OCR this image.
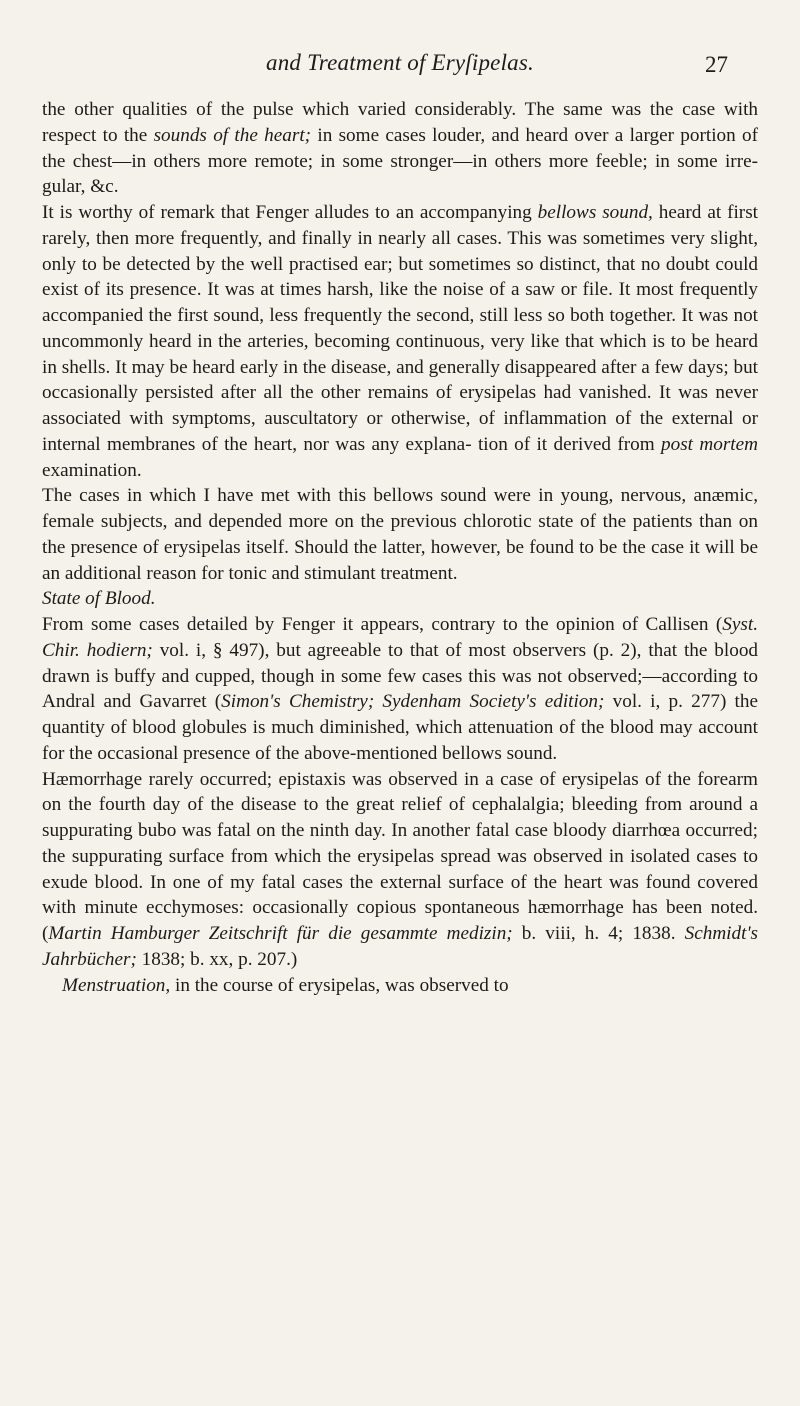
and Treatment of Eryſipelas.	27

the other qualities of the pulse which varied considerably. The same was the case with respect to the sounds of the heart; in some cases louder, and heard over a larger portion of the chest—in others more remote; in some stronger—in others more feeble; in some irre- gular, &c.

It is worthy of remark that Fenger alludes to an accompanying bellows sound, heard at first rarely, then more frequently, and finally in nearly all cases. This was sometimes very slight, only to be detected by the well practised ear; but sometimes so distinct, that no doubt could exist of its presence. It was at times harsh, like the noise of a saw or file. It most frequently accompanied the first sound, less frequently the second, still less so both together. It was not uncommonly heard in the arteries, becoming continuous, very like that which is to be heard in shells. It may be heard early in the disease, and generally disappeared after a few days; but occasionally persisted after all the other remains of erysipelas had vanished. It was never associated with symptoms, auscultatory or otherwise, of inflammation of the external or internal membranes of the heart, nor was any explana- tion of it derived from post mortem examination.

The cases in which I have met with this bellows sound were in young, nervous, anæmic, female subjects, and depended more on the previous chlorotic state of the patients than on the presence of erysipelas itself. Should the latter, however, be found to be the case it will be an additional reason for tonic and stimulant treatment.

State of Blood.

From some cases detailed by Fenger it appears, contrary to the opinion of Callisen (Syst. Chir. hodiern; vol. i, § 497), but agreeable to that of most observers (p. 2), that the blood drawn is buffy and cupped, though in some few cases this was not observed;—according to Andral and Gavarret (Simon's Chemistry; Sydenham Society's edition; vol. i, p. 277) the quantity of blood globules is much diminished, which attenuation of the blood may account for the occasional presence of the above-mentioned bellows sound.

Hæmorrhage rarely occurred; epistaxis was observed in a case of erysipelas of the forearm on the fourth day of the disease to the great relief of cephalalgia; bleeding from around a suppurating bubo was fatal on the ninth day. In another fatal case bloody diarrhœa occurred; the suppurating surface from which the erysipelas spread was observed in isolated cases to exude blood. In one of my fatal cases the external surface of the heart was found covered with minute ecchymoses: occasionally copious spontaneous hæmorrhage has been noted. (Martin Hamburger Zeitschrift für die gesammte medizin; b. viii, h. 4; 1838. Schmidt's Jahrbücher; 1838; b. xx, p. 207.)

Menstruation, in the course of erysipelas, was observed to
